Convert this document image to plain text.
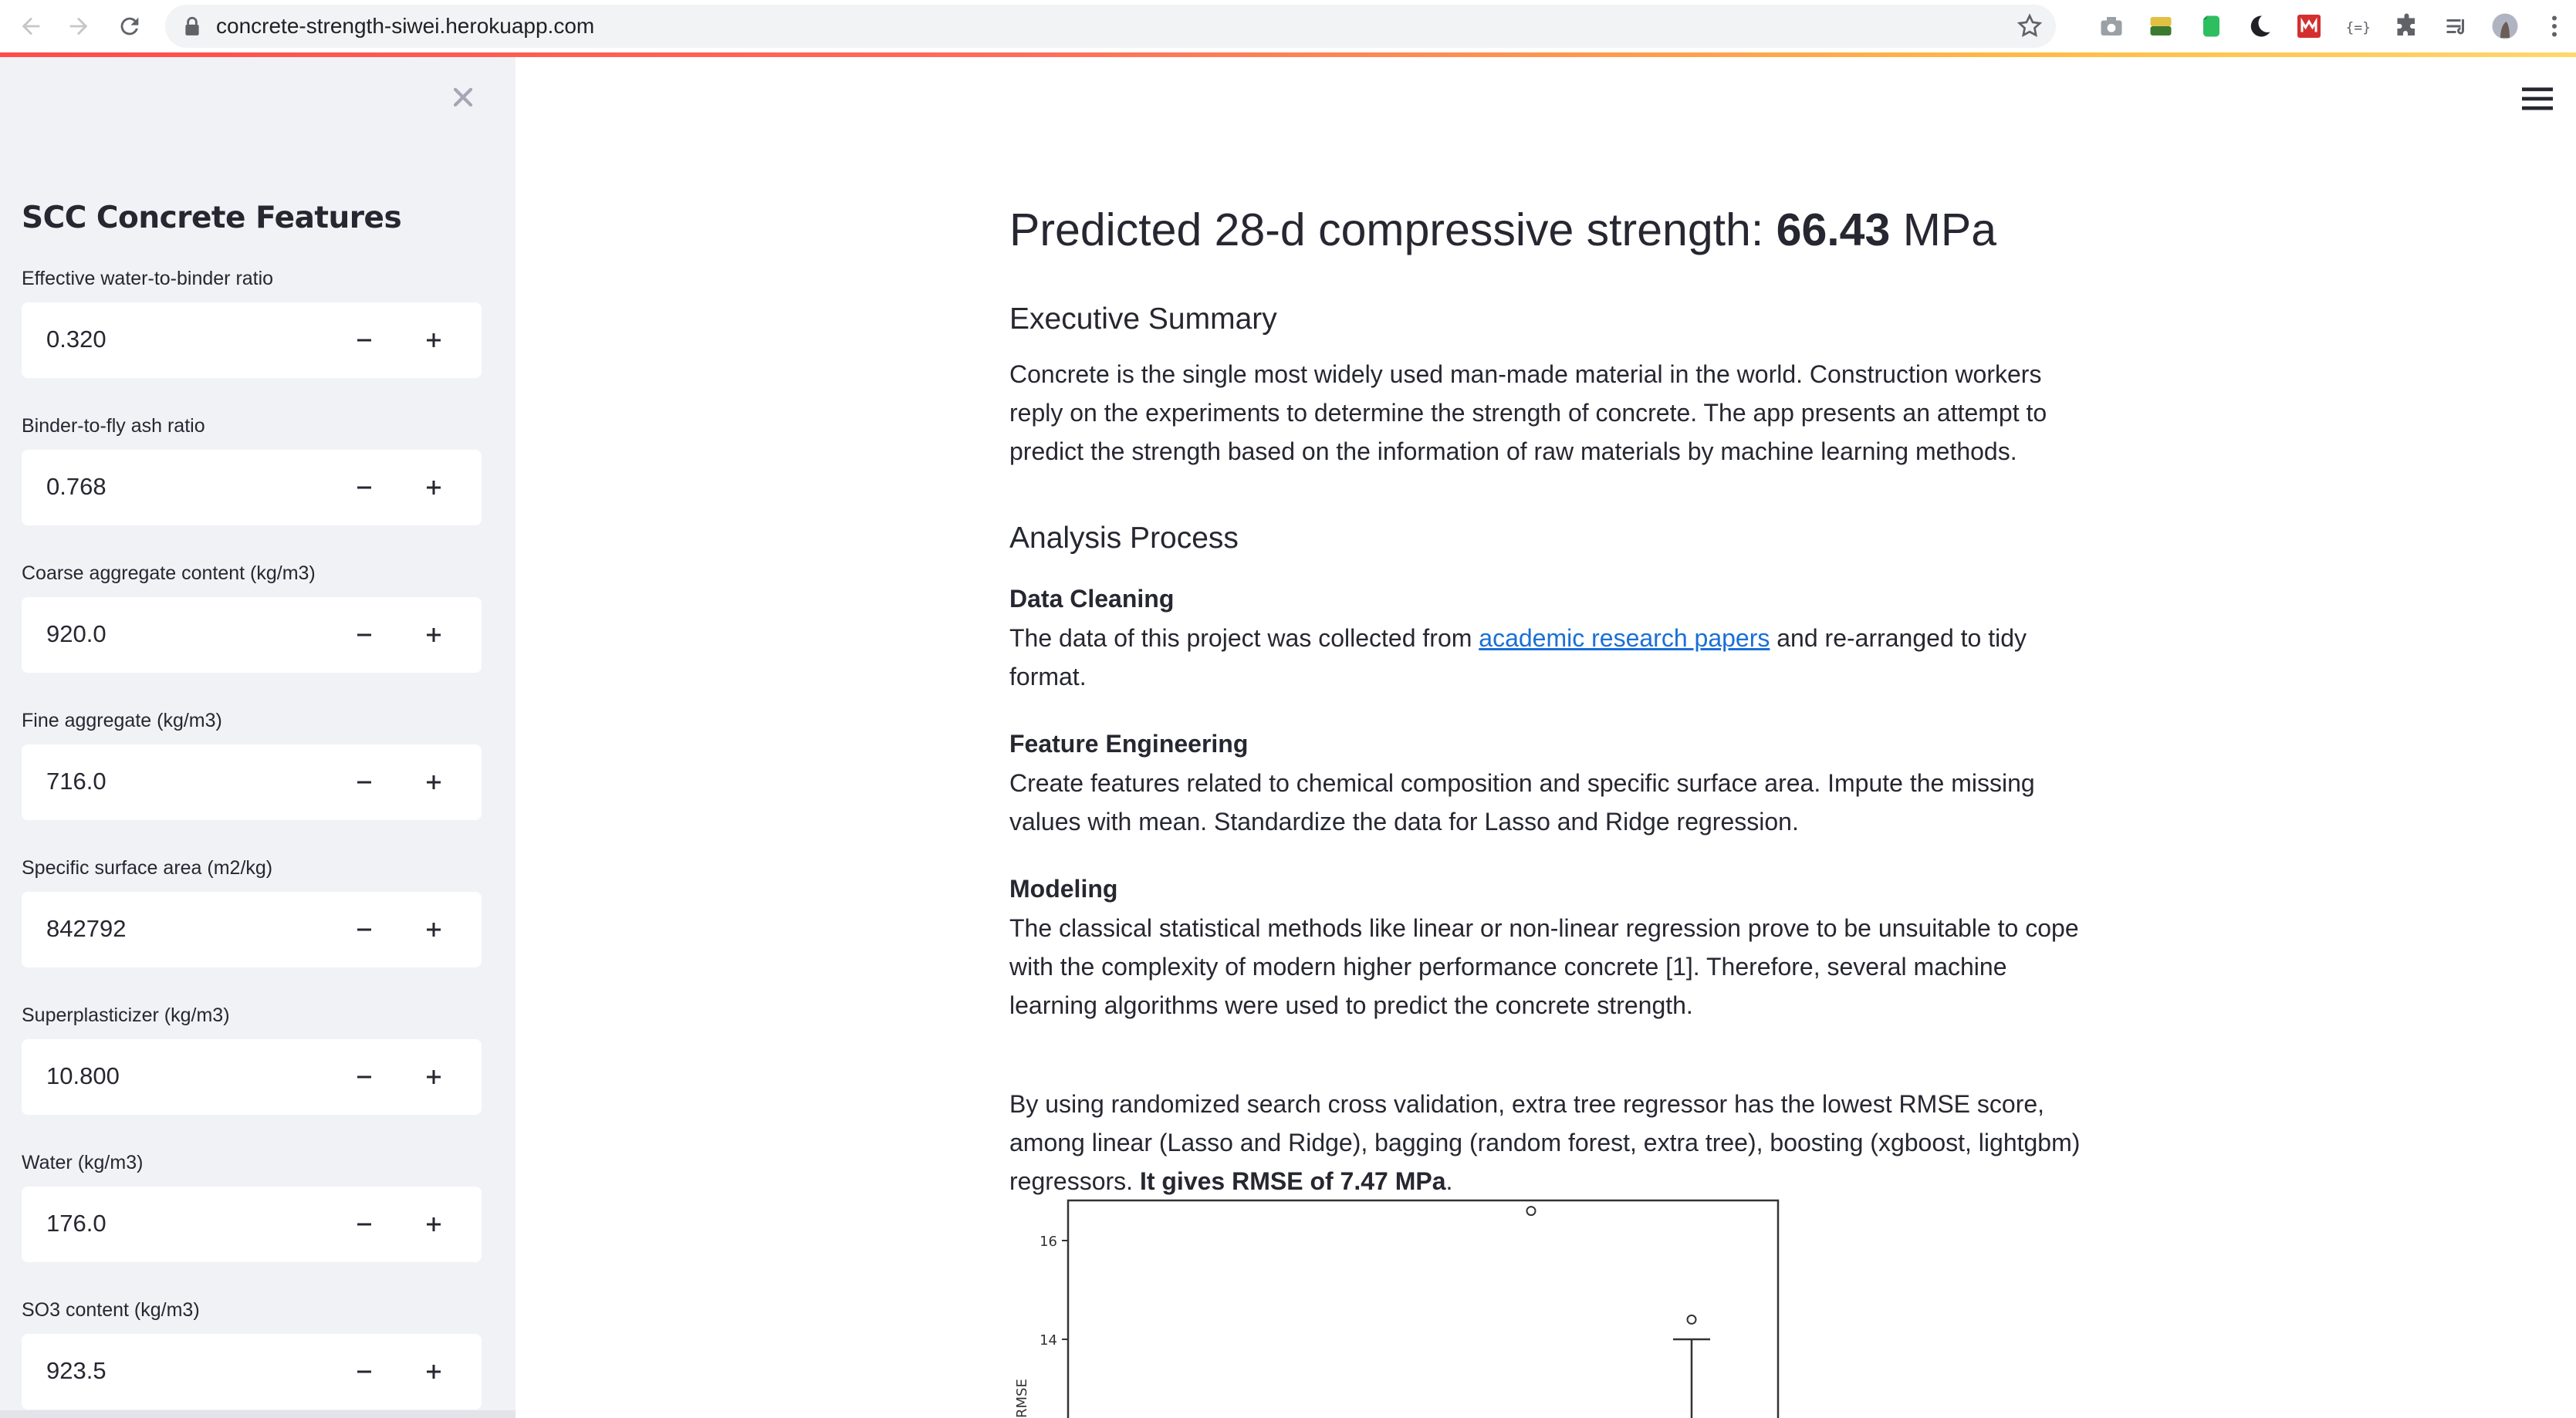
concrete-strength-siwei.herokuapp.com	{=}
SCC Concrete Features
Effective water-to-binder ratio
0.320
Binder-to-fly ash ratio
0.768
Coarse aggregate content (kg/m3)
920.0
Fine aggregate (kg/m3)
716.0
Specific surface area (m2/kg)
842792
Superplasticizer (kg/m3)
10.800
Water (kg/m3)
176.0
SO3 content (kg/m3)
923.5
Predicted 28-d compressive strength: 66.43 MPa
Executive Summary
Concrete is the single most widely used man-made material in the world. Construction workers reply on the experiments to determine the strength of concrete. The app presents an attempt to predict the strength based on the information of raw materials by machine learning methods.
Analysis Process
Data Cleaning
The data of this project was collected from academic research papers and re-arranged to tidy format.
Feature Engineering
Create features related to chemical composition and specific surface area. Impute the missing values with mean. Standardize the data for Lasso and Ridge regression.
Modeling
The classical statistical methods like linear or non-linear regression prove to be unsuitable to cope with the complexity of modern higher performance concrete [1]. Therefore, several machine learning algorithms were used to predict the concrete strength.
By using randomized search cross validation, extra tree regressor has the lowest RMSE score, among linear (Lasso and Ridge), bagging (random forest, extra tree), boosting (xgboost, lightgbm) regressors. It gives RMSE of 7.47 MPa.
16
14
RMSE
